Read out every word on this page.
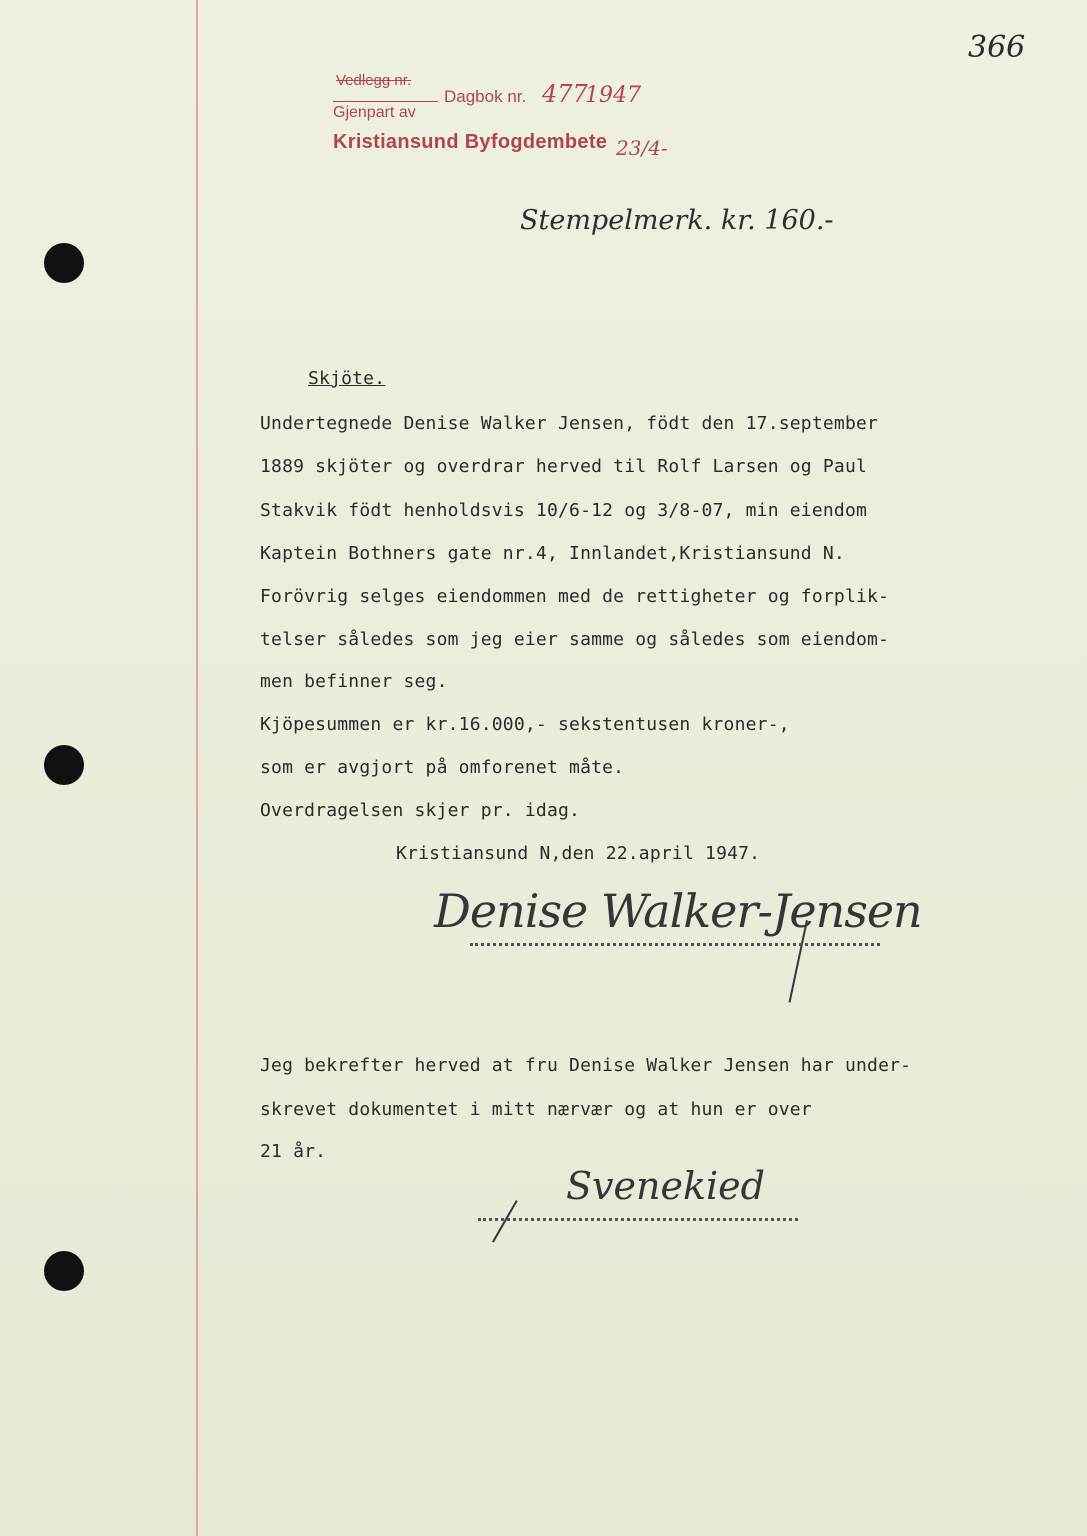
366
Vedlegg nr.
Gjenpart av
Dagbok nr. 477
1947
Kristiansund Byfogdembete 23/4-
Stempelmerk. kr. 160.-
Skjöte.
Undertegnede Denise Walker Jensen, födt den 17.september
1889 skjöter og overdrar herved til Rolf Larsen og Paul
Stakvik födt henholdsvis 10/6-12 og 3/8-07, min eiendom
Kaptein Bothners gate nr.4, Innlandet,Kristiansund N.
Forövrig selges eiendommen med de rettigheter og forplik-
telser således som jeg eier samme og således som eiendom-
men befinner seg.
Kjöpesummen er kr.16.000,- sekstentusen kroner-,
som er avgjort på omforenet måte.
Overdragelsen skjer pr. idag.
Kristiansund N,den 22.april 1947.
Denise Walker-Jensen
Jeg bekrefter herved at fru Denise Walker Jensen har under-
skrevet dokumentet i mitt nærvær og at hun er over
21 år.
Svenekied
